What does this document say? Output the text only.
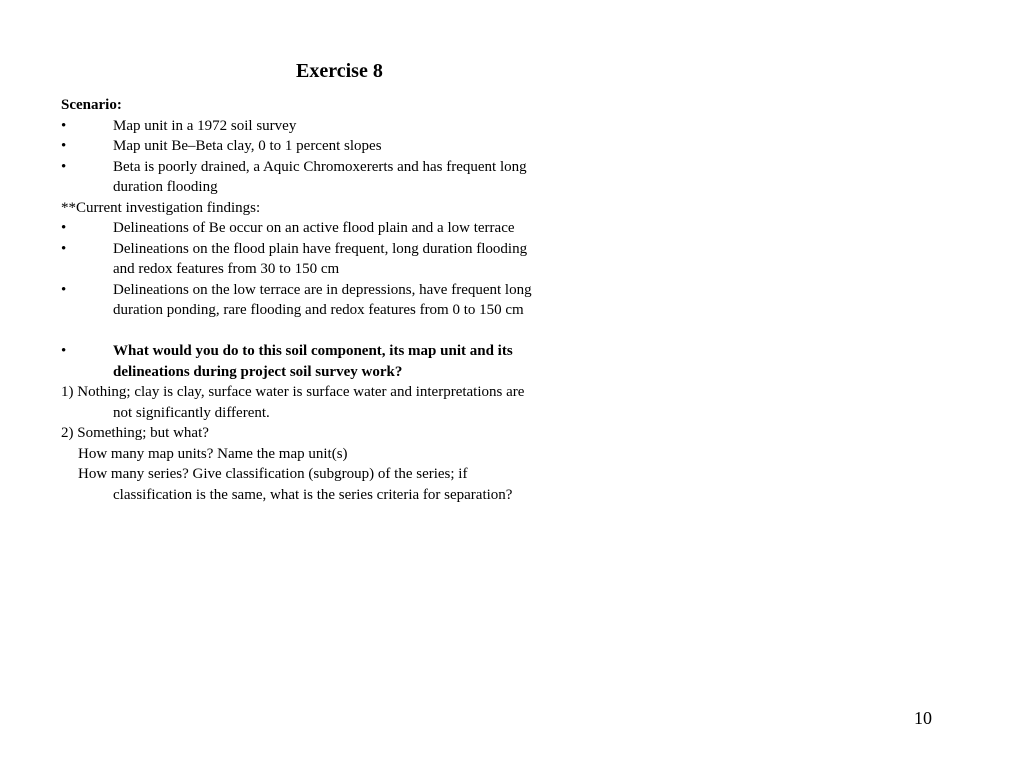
Exercise 8
Scenario:
•	Map unit in a 1972 soil survey
•	Map unit Be–Beta clay, 0 to 1 percent slopes
•	Beta is poorly drained, a Aquic Chromoxererts and has frequent long
duration flooding
**Current investigation findings:
•	Delineations of Be occur on an active flood plain and a low terrace
•	Delineations on the flood plain have frequent, long duration flooding
and redox features from 30 to 150 cm
•	Delineations on the low terrace are in depressions, have frequent long
duration ponding, rare flooding and redox features from 0 to 150 cm
•	What would you do to this soil component, its map unit and its
delineations during project soil survey work?
1) Nothing; clay is clay, surface water is surface water and interpretations are
not significantly different.
2) Something; but what?
How many map units? Name the map unit(s)
How many series? Give classification (subgroup) of the series; if
classification is the same, what is the series criteria for separation?
10
